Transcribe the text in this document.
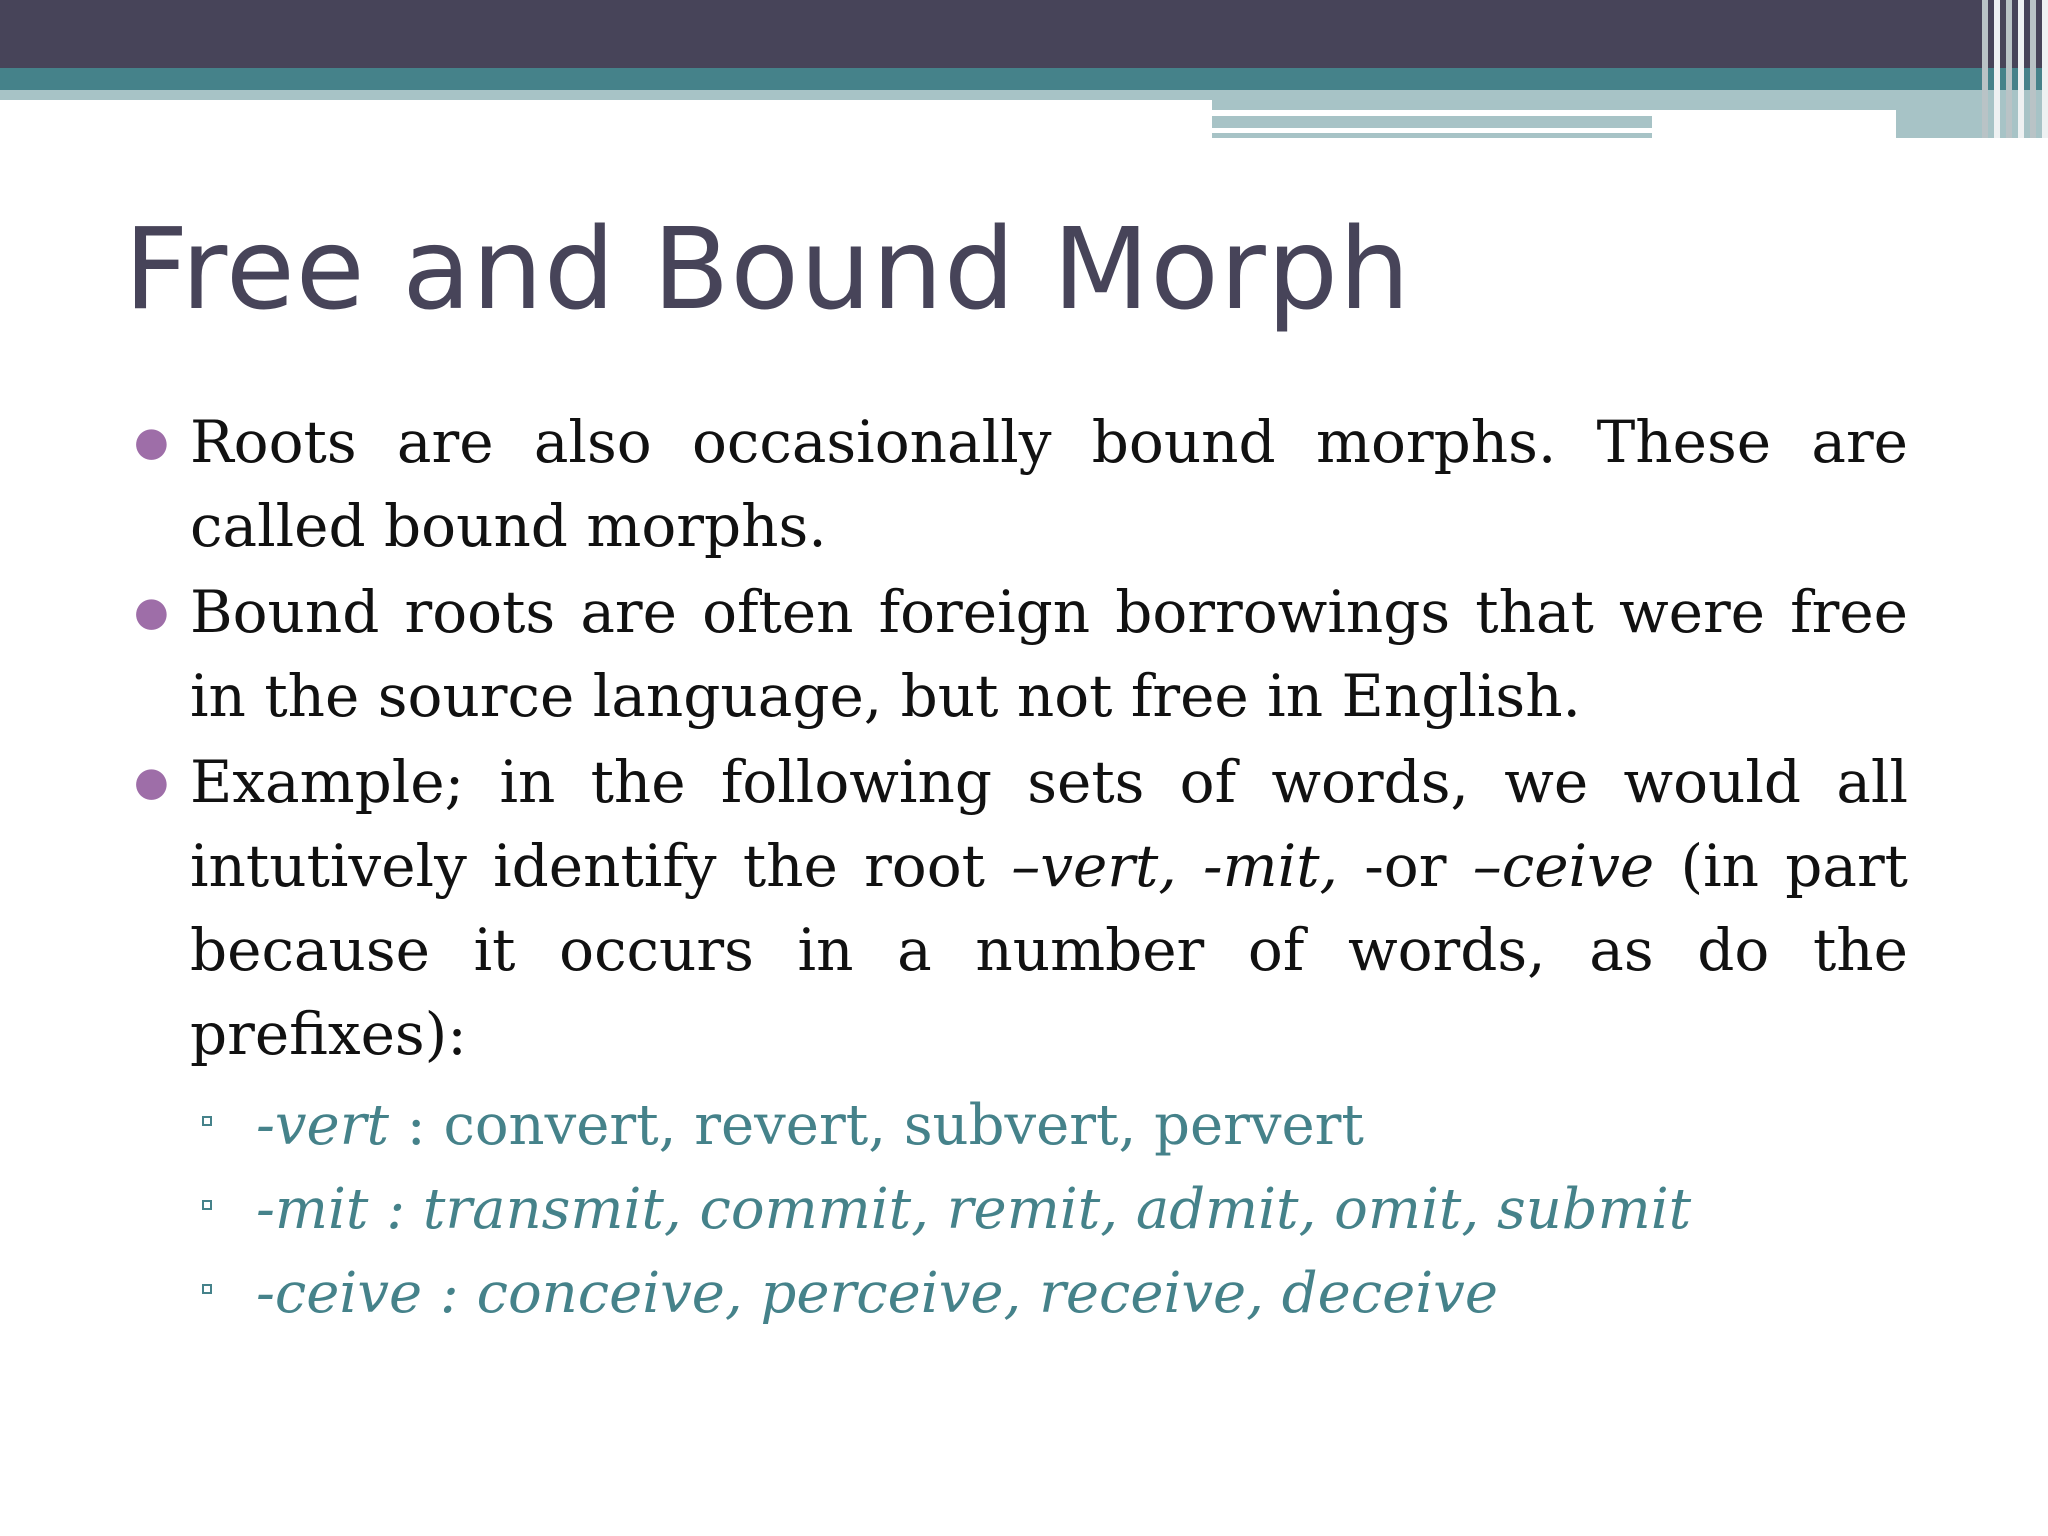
Free and Bound Morph
● Roots are also occasionally bound morphs. These are called bound morphs.
● Bound roots are often foreign borrowings that were free in the source language, but not free in English.
● Example; in the following sets of words, we would all intutively identify the root –vert, -mit, -or –ceive (in part because it occurs in a number of words, as do the prefixes):
-vert : convert, revert, subvert, pervert
-mit : transmit, commit, remit, admit, omit, submit
-ceive : conceive, perceive, receive, deceive
